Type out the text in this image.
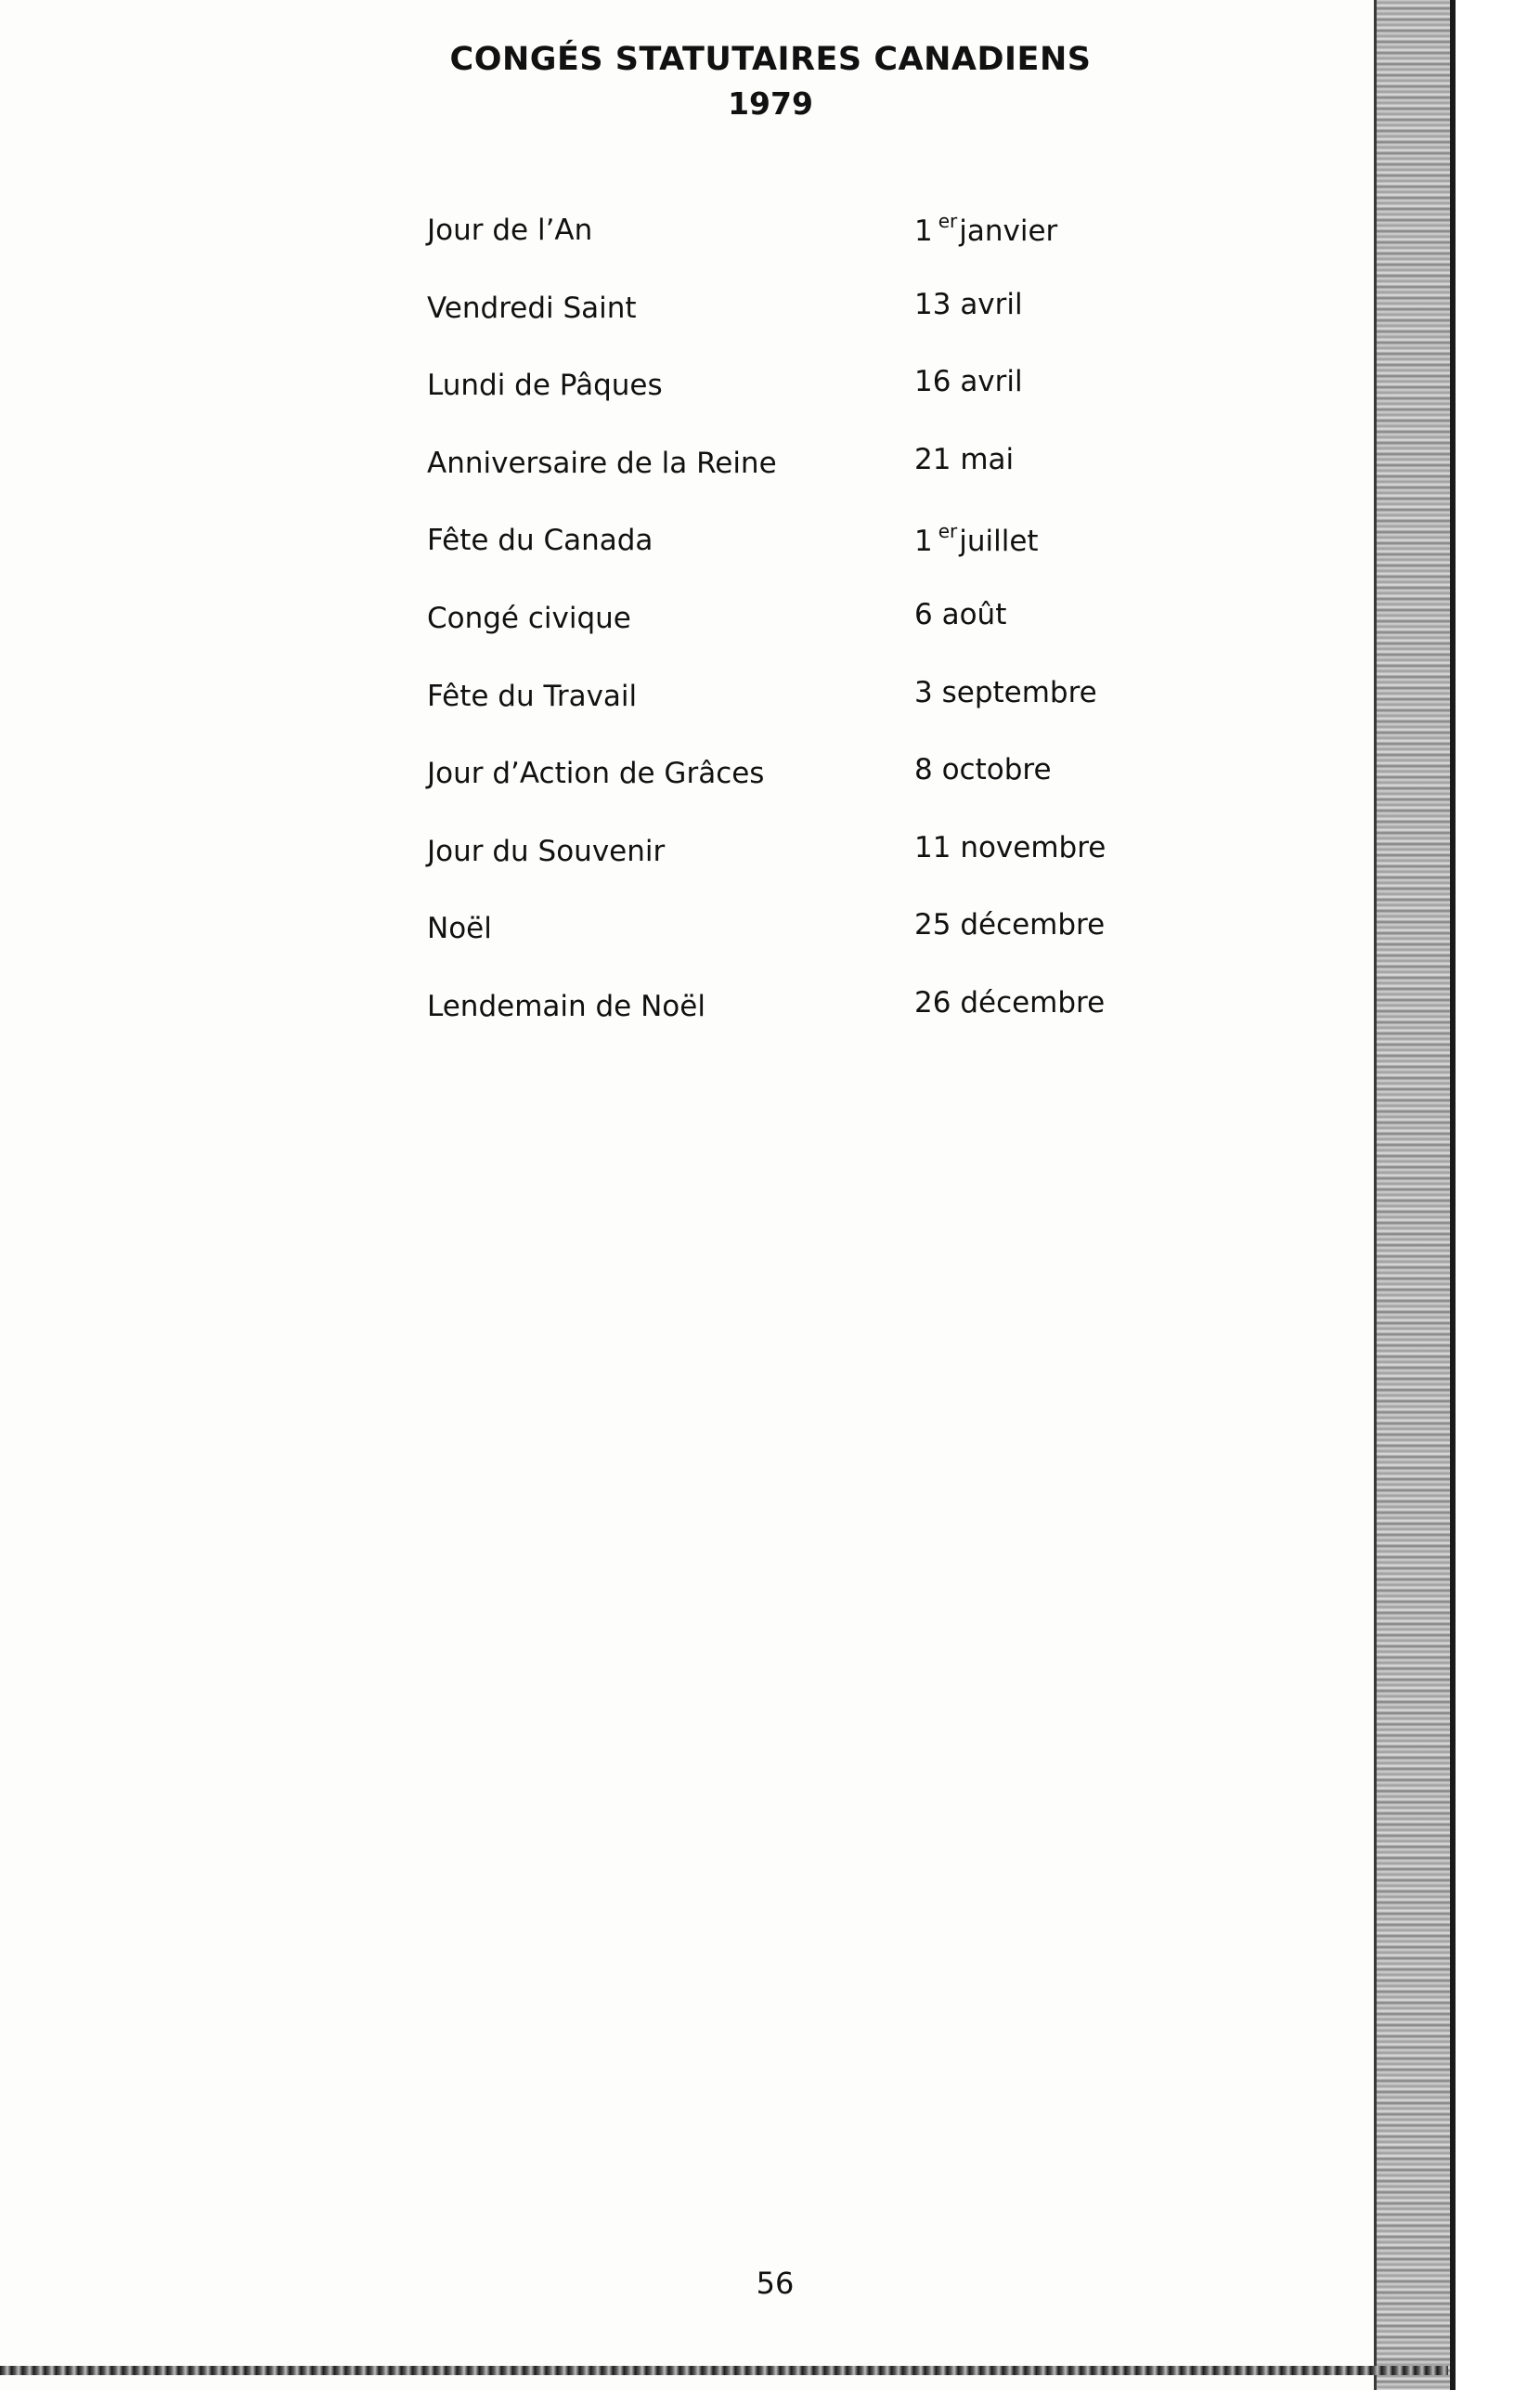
CONGÉS STATUTAIRES CANADIENS

1979

Jour de l’An	1 $^{er}$janvier
Vendredi Saint	13 avril
Lundi de Pâques	16 avril
Anniversaire de la Reine	21 mai
Fête du Canada	1 $^{er}$juillet
Congé civique	6 août
Fête du Travail	3 septembre
Jour d’Action de Grâces	8 octobre
Jour du Souvenir	11 novembre
Noël	25 décembre
Lendemain de Noël	26 décembre
56
